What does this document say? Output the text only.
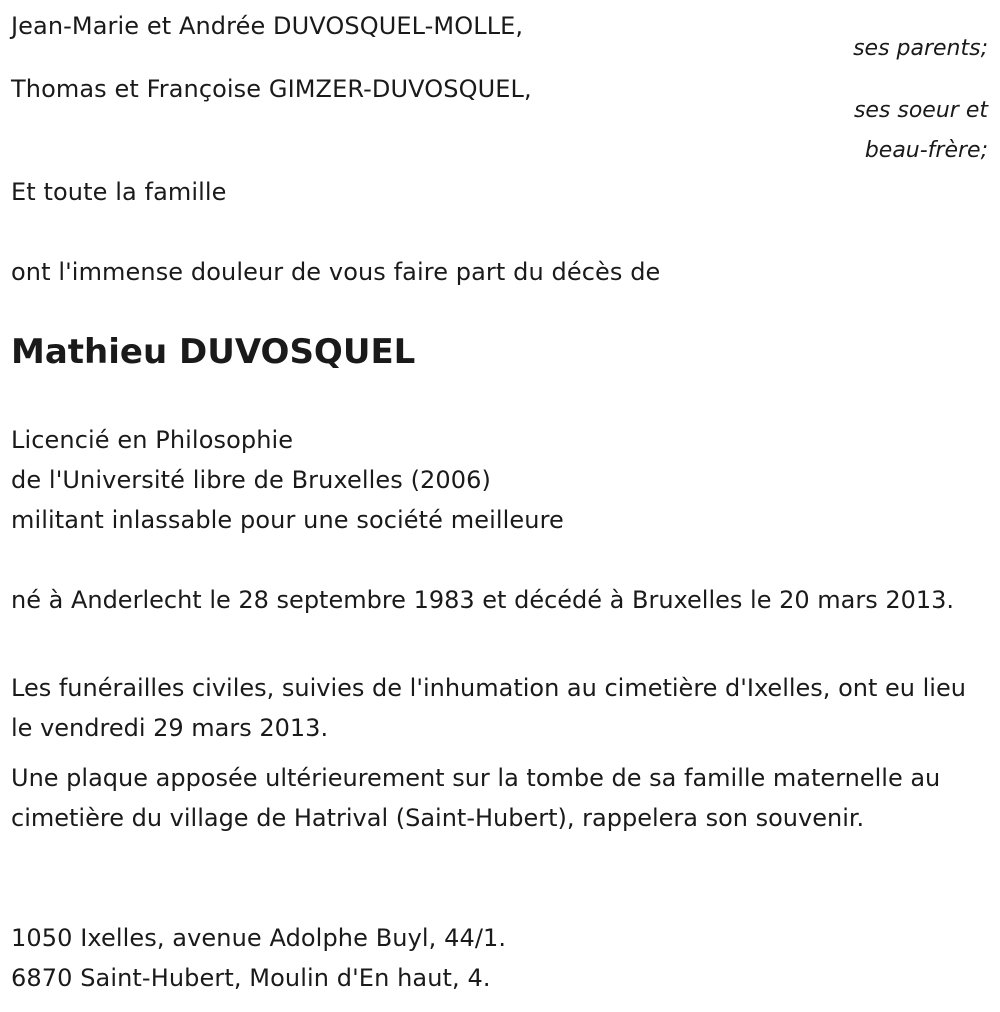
Jean-Marie et Andrée DUVOSQUEL-MOLLE,
ses parents;
Thomas et Françoise GIMZER-DUVOSQUEL,
ses soeur et
beau-frère;
Et toute la famille
ont l'immense douleur de vous faire part du décès de
Mathieu DUVOSQUEL
Licencié en Philosophie
de l'Université libre de Bruxelles (2006)
militant inlassable pour une société meilleure
né à Anderlecht le 28 septembre 1983 et décédé à Bruxelles le 20 mars 2013.
Les funérailles civiles, suivies de l'inhumation au cimetière d'Ixelles, ont eu lieu le vendredi 29 mars 2013.
Une plaque apposée ultérieurement sur la tombe de sa famille maternelle au cimetière du village de Hatrival (Saint-Hubert), rappelera son souvenir.
1050 Ixelles, avenue Adolphe Buyl, 44/1.
6870 Saint-Hubert, Moulin d'En haut, 4.
